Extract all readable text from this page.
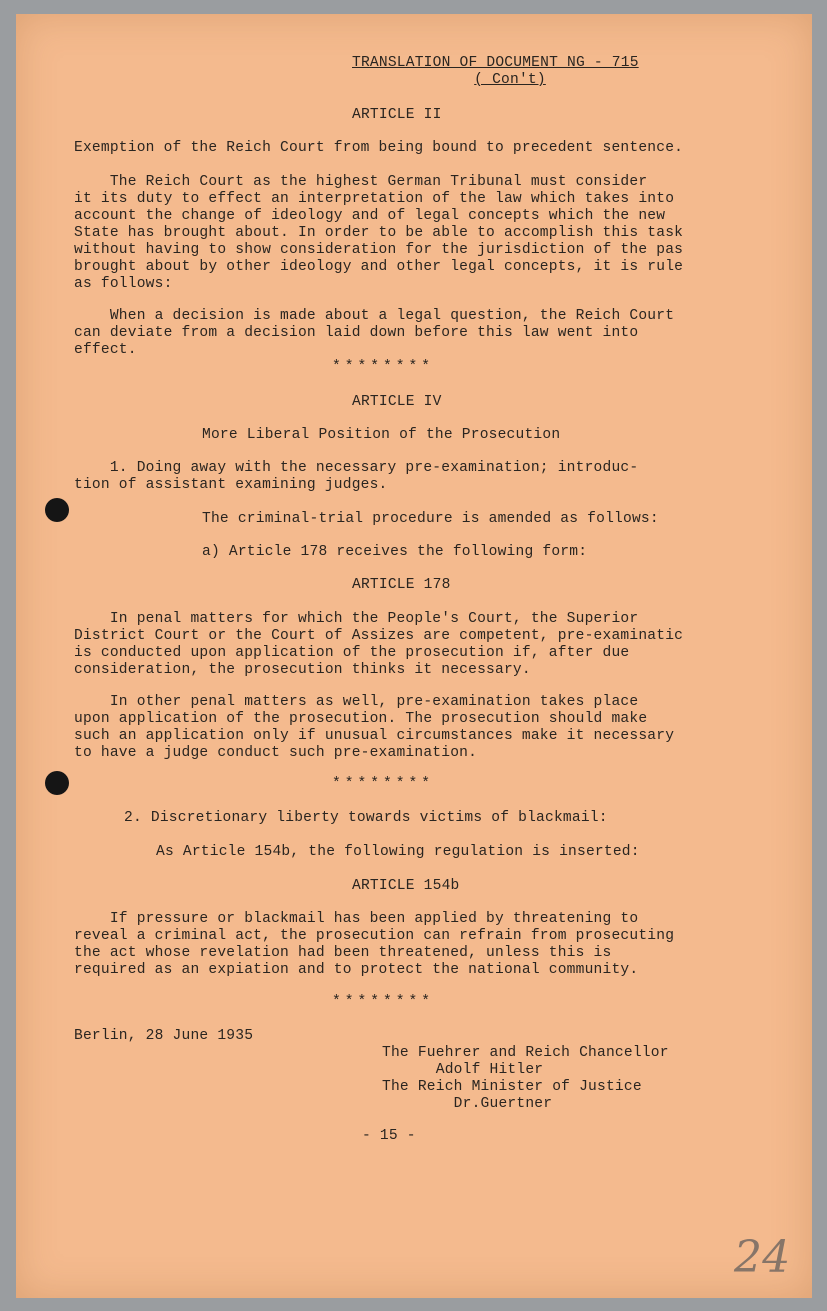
TRANSLATION OF DOCUMENT NG - 715
( Con't)
ARTICLE II
Exemption of the Reich Court from being bound to precedent sentence.
The Reich Court as the highest German Tribunal must consider
it its duty to effect an interpretation of the law which takes into
account the change of ideology and of legal concepts which the new
State has brought about. In order to be able to accomplish this task
without having to show consideration for the jurisdiction of the pas
brought about by other ideology and other legal concepts, it is rule
as follows:
When a decision is made about a legal question, the Reich Court
can deviate from a decision laid down before this law went into
effect.
********
ARTICLE IV
More Liberal Position of the Prosecution
1. Doing away with the necessary pre-examination; introduc-
tion of assistant examining judges.
The criminal-trial procedure is amended as follows:
a) Article 178 receives the following form:
ARTICLE 178
In penal matters for which the People's Court, the Superior
District Court or the Court of Assizes are competent, pre-examinatic
is conducted upon application of the prosecution if, after due
consideration, the prosecution thinks it necessary.
In other penal matters as well, pre-examination takes place
upon application of the prosecution. The prosecution should make
such an application only if unusual circumstances make it necessary
to have a judge conduct such pre-examination.
********
2. Discretionary liberty towards victims of blackmail:
As Article 154b, the following regulation is inserted:
ARTICLE 154b
If pressure or blackmail has been applied by threatening to
reveal a criminal act, the prosecution can refrain from prosecuting
the act whose revelation had been threatened, unless this is
required as an expiation and to protect the national community.
********
Berlin, 28 June 1935
The Fuehrer and Reich Chancellor
Adolf Hitler
The Reich Minister of Justice
Dr.Guertner
- 15 -
24
